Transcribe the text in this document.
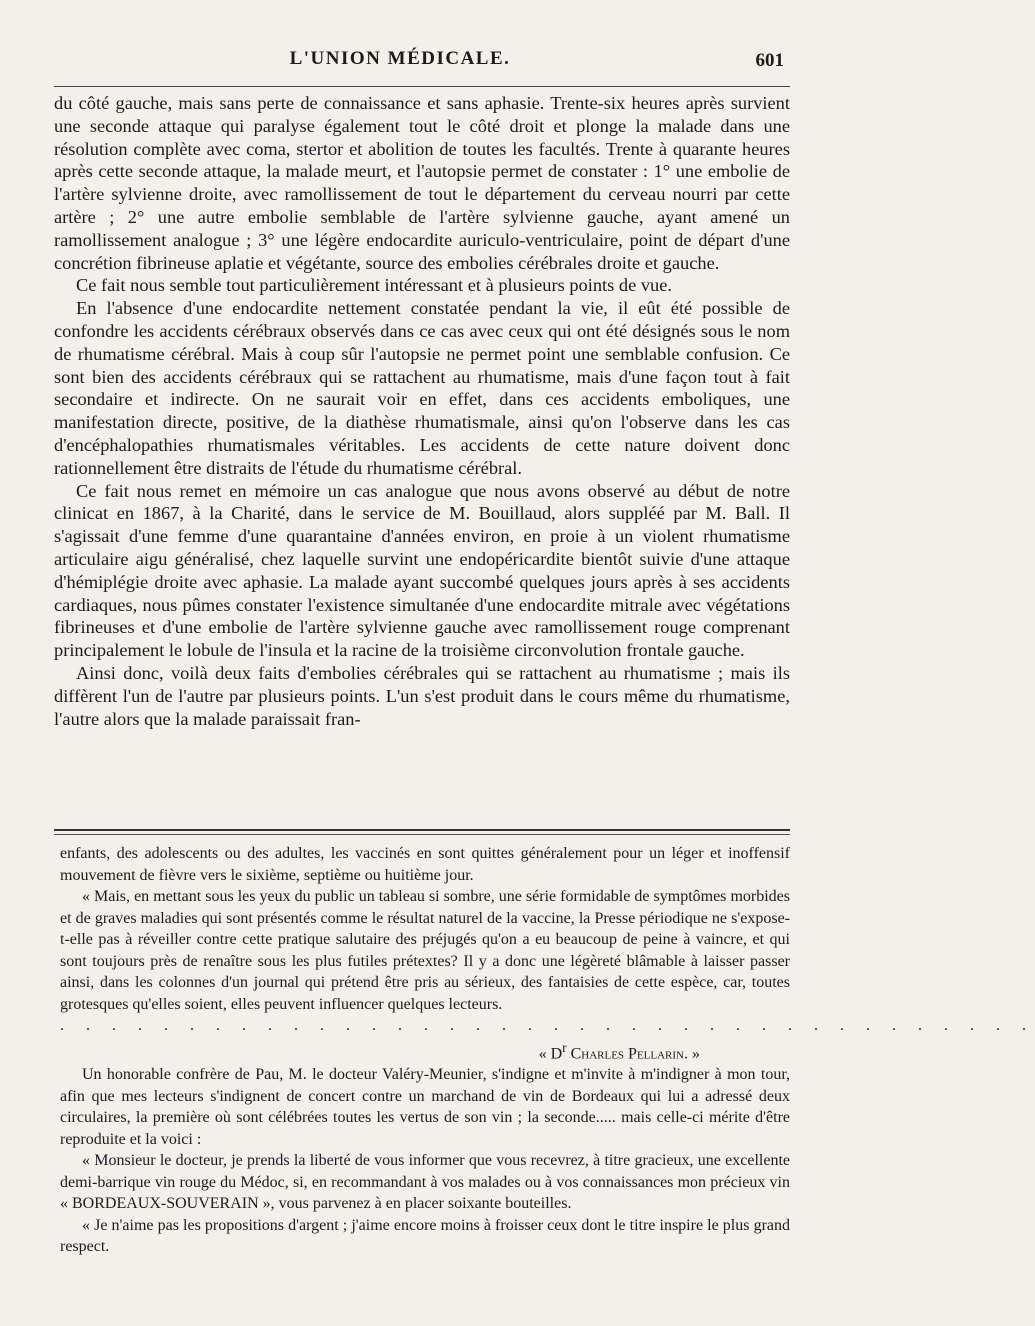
L'UNION MÉDICALE.	601

du côté gauche, mais sans perte de connaissance et sans aphasie. Trente-six heures après survient une seconde attaque qui paralyse également tout le côté droit et plonge la malade dans une résolution complète avec coma, stertor et abolition de toutes les facultés. Trente à quarante heures après cette seconde attaque, la malade meurt, et l'autopsie permet de constater : 1° une embolie de l'artère sylvienne droite, avec ramollissement de tout le département du cerveau nourri par cette artère ; 2° une autre embolie semblable de l'artère sylvienne gauche, ayant amené un ramollissement analogue ; 3° une légère endocardite auriculo-ventriculaire, point de départ d'une concrétion fibrineuse aplatie et végétante, source des embolies cérébrales droite et gauche.

Ce fait nous semble tout particulièrement intéressant et à plusieurs points de vue.

En l'absence d'une endocardite nettement constatée pendant la vie, il eût été possible de confondre les accidents cérébraux observés dans ce cas avec ceux qui ont été désignés sous le nom de rhumatisme cérébral. Mais à coup sûr l'autopsie ne permet point une semblable confusion. Ce sont bien des accidents cérébraux qui se rattachent au rhumatisme, mais d'une façon tout à fait secondaire et indirecte. On ne saurait voir en effet, dans ces accidents emboliques, une manifestation directe, positive, de la diathèse rhumatismale, ainsi qu'on l'observe dans les cas d'encéphalopathies rhumatismales véritables. Les accidents de cette nature doivent donc rationnellement être distraits de l'étude du rhumatisme cérébral.

Ce fait nous remet en mémoire un cas analogue que nous avons observé au début de notre clinicat en 1867, à la Charité, dans le service de M. Bouillaud, alors suppléé par M. Ball. Il s'agissait d'une femme d'une quarantaine d'années environ, en proie à un violent rhumatisme articulaire aigu généralisé, chez laquelle survint une endopéricardite bientôt suivie d'une attaque d'hémiplégie droite avec aphasie. La malade ayant succombé quelques jours après à ses accidents cardiaques, nous pûmes constater l'existence simultanée d'une endocardite mitrale avec végétations fibrineuses et d'une embolie de l'artère sylvienne gauche avec ramollissement rouge comprenant principalement le lobule de l'insula et la racine de la troisième circonvolution frontale gauche.

Ainsi donc, voilà deux faits d'embolies cérébrales qui se rattachent au rhumatisme ; mais ils diffèrent l'un de l'autre par plusieurs points. L'un s'est produit dans le cours même du rhumatisme, l'autre alors que la malade paraissait fran-

enfants, des adolescents ou des adultes, les vaccinés en sont quittes généralement pour un léger et inoffensif mouvement de fièvre vers le sixième, septième ou huitième jour.

« Mais, en mettant sous les yeux du public un tableau si sombre, une série formidable de symptômes morbides et de graves maladies qui sont présentés comme le résultat naturel de la vaccine, la Presse périodique ne s'expose-t-elle pas à réveiller contre cette pratique salutaire des préjugés qu'on a eu beaucoup de peine à vaincre, et qui sont toujours près de renaître sous les plus futiles prétextes? Il y a donc une légèreté blâmable à laisser passer ainsi, dans les colonnes d'un journal qui prétend être pris au sérieux, des fantaisies de cette espèce, car, toutes grotesques qu'elles soient, elles peuvent influencer quelques lecteurs.

. . . . . . . . . . . . . . . . . . . . . . . . . . . . . . . . . . . . . .

« $D^r$ Charles Pellarin. »

Un honorable confrère de Pau, M. le docteur Valéry-Meunier, s'indigne et m'invite à m'indigner à mon tour, afin que mes lecteurs s'indignent de concert contre un marchand de vin de Bordeaux qui lui a adressé deux circulaires, la première où sont célébrées toutes les vertus de son vin ; la seconde..... mais celle-ci mérite d'être reproduite et la voici :

« Monsieur le docteur, je prends la liberté de vous informer que vous recevrez, à titre gracieux, une excellente demi-barrique vin rouge du Médoc, si, en recommandant à vos malades ou à vos connaissances mon précieux vin « BORDEAUX-SOUVERAIN », vous parvenez à en placer soixante bouteilles.

« Je n'aime pas les propositions d'argent ; j'aime encore moins à froisser ceux dont le titre inspire le plus grand respect.
